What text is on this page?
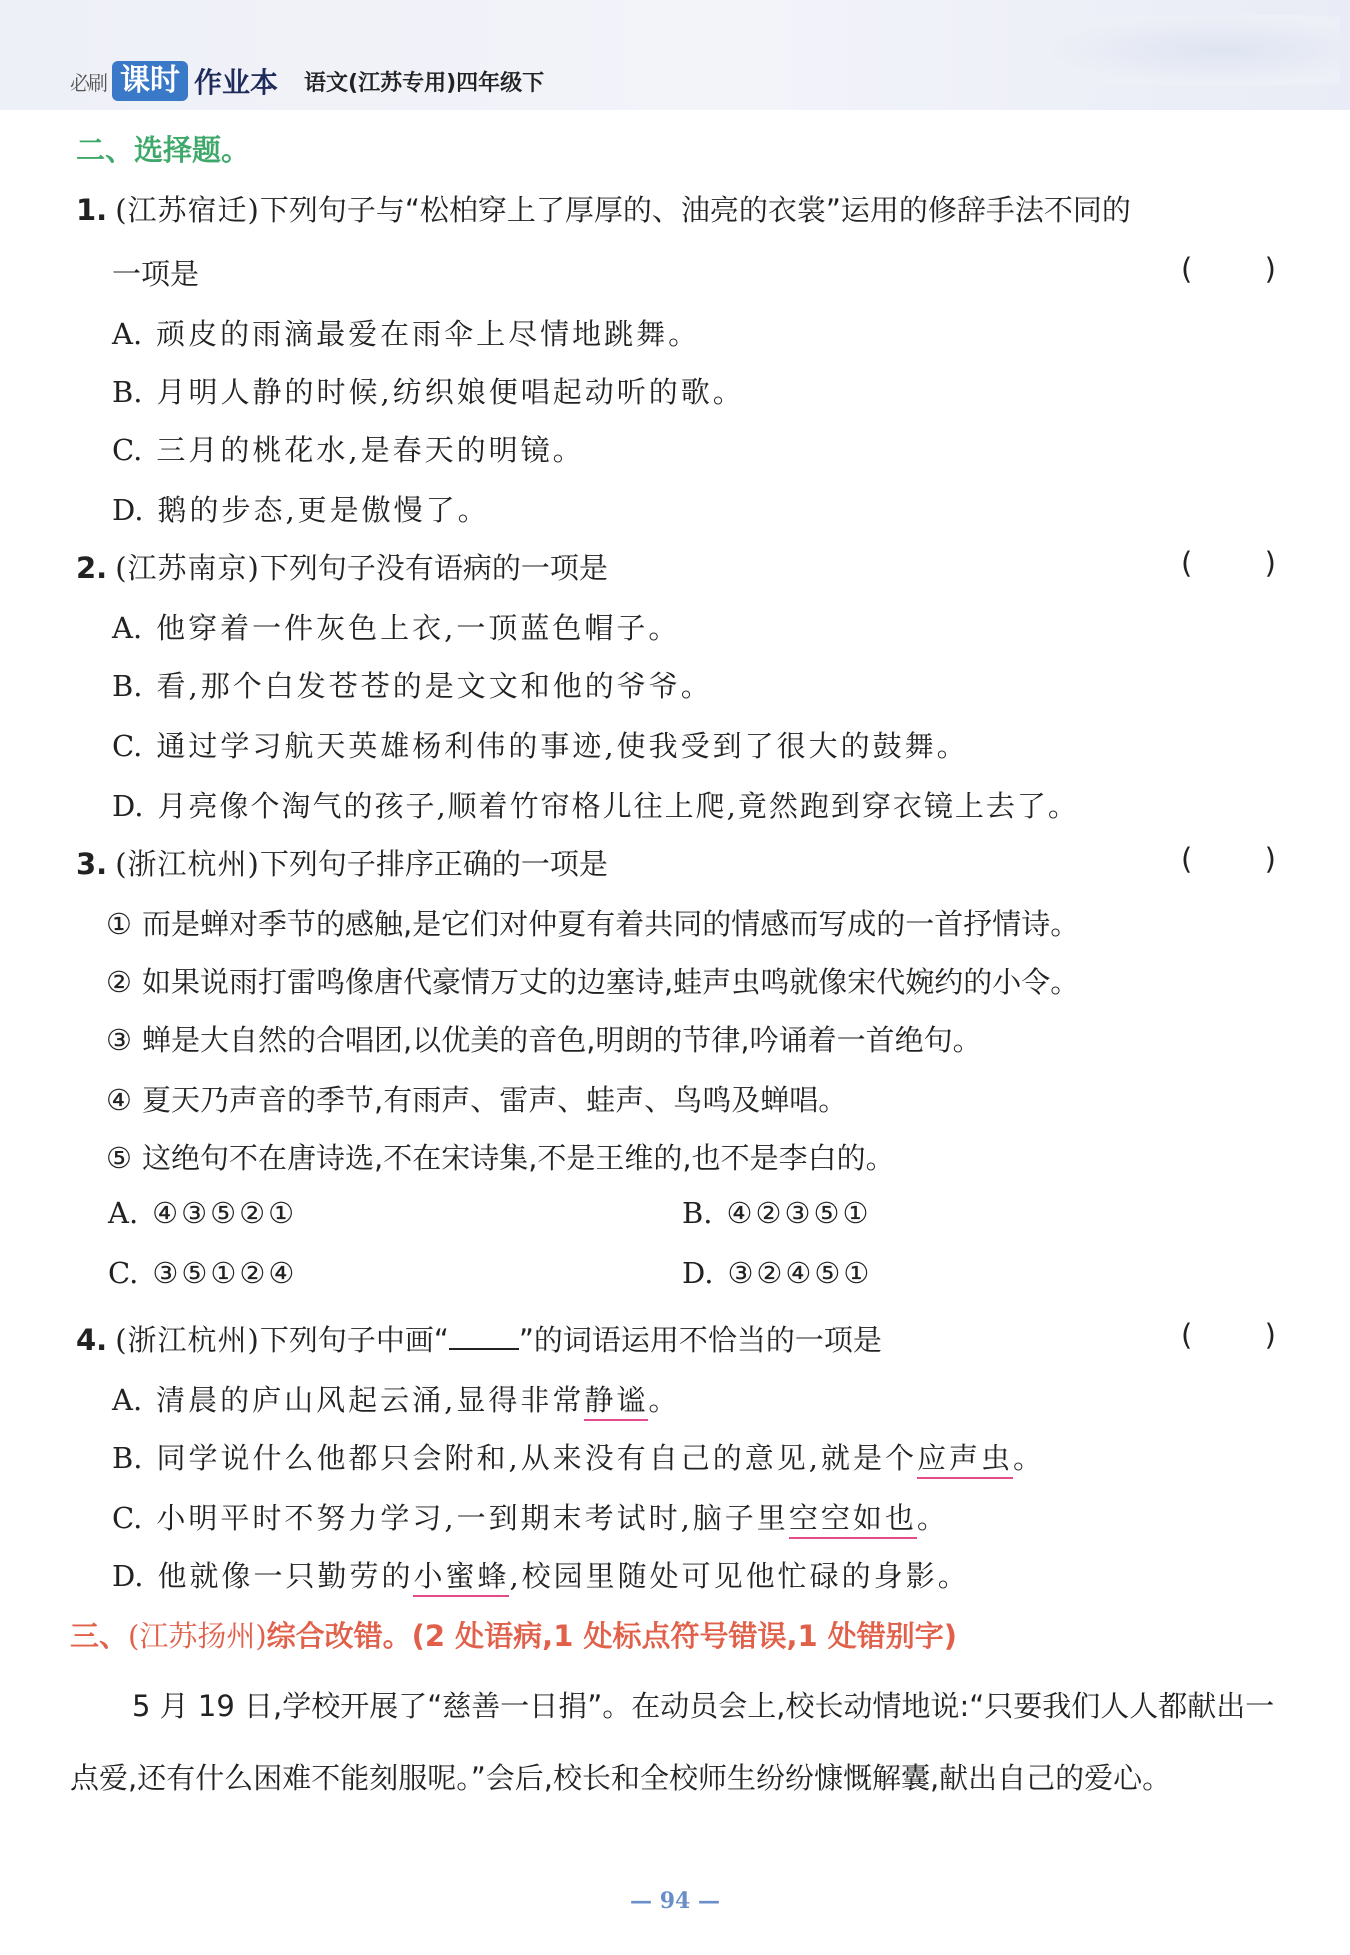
必刷 课时 作业本 语文(江苏专用)四年级下
二、选择题。
1. (江苏宿迁)下列句子与“松柏穿上了厚厚的、油亮的衣裳”运用的修辞手法不同的
一项是	( )
A. 顽皮的雨滴最爱在雨伞上尽情地跳舞。
B. 月明人静的时候,纺织娘便唱起动听的歌。
C. 三月的桃花水,是春天的明镜。
D. 鹅的步态,更是傲慢了。
2. (江苏南京)下列句子没有语病的一项是	( )
A. 他穿着一件灰色上衣,一顶蓝色帽子。
B. 看,那个白发苍苍的是文文和他的爷爷。
C. 通过学习航天英雄杨利伟的事迹,使我受到了很大的鼓舞。
D. 月亮像个淘气的孩子,顺着竹帘格儿往上爬,竟然跑到穿衣镜上去了。
3. (浙江杭州)下列句子排序正确的一项是	( )
① 而是蝉对季节的感触,是它们对仲夏有着共同的情感而写成的一首抒情诗。
② 如果说雨打雷鸣像唐代豪情万丈的边塞诗,蛙声虫鸣就像宋代婉约的小令。
③ 蝉是大自然的合唱团,以优美的音色,明朗的节律,吟诵着一首绝句。
④ 夏天乃声音的季节,有雨声、雷声、蛙声、鸟鸣及蝉唱。
⑤ 这绝句不在唐诗选,不在宋诗集,不是王维的,也不是李白的。
A. ④③⑤②①	B. ④②③⑤①
C. ③⑤①②④	D. ③②④⑤①
4. (浙江杭州)下列句子中画“ ”的词语运用不恰当的一项是	( )
A. 清晨的庐山风起云涌,显得非常静谧。
B. 同学说什么他都只会附和,从来没有自己的意见,就是个应声虫。
C. 小明平时不努力学习,一到期末考试时,脑子里空空如也。
D. 他就像一只勤劳的小蜜蜂,校园里随处可见他忙碌的身影。
三、(江苏扬州)综合改错。(2 处语病,1 处标点符号错误,1 处错别字)
5 月 19 日,学校开展了“慈善一日捐”。在动员会上,校长动情地说:“只要我们人人都献出一点爱,还有什么困难不能刻服呢。”会后,校长和全校师生纷纷慷慨解囊,献出自己的爱心。
— 94 —
